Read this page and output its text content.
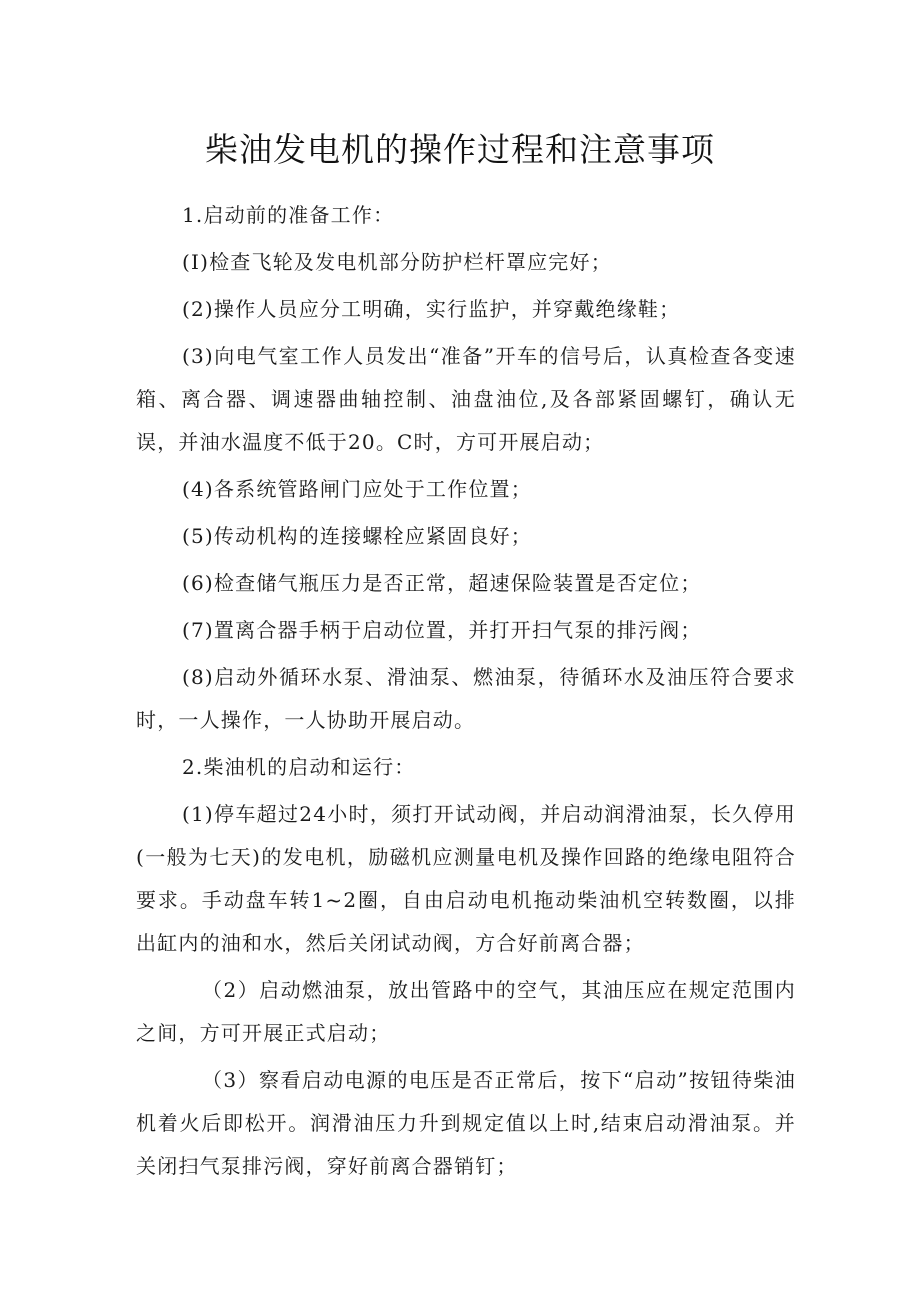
柴油发电机的操作过程和注意事项

1.启动前的准备工作：

(I)检查飞轮及发电机部分防护栏杆罩应完好；

(2)操作人员应分工明确，实行监护，并穿戴绝缘鞋；

(3)向电气室工作人员发出“准备”开车的信号后，认真检查各变速箱、离合器、调速器曲轴控制、油盘油位,及各部紧固螺钉，确认无误，并油水温度不低于20。C时，方可开展启动；

(4)各系统管路闸门应处于工作位置；

(5)传动机构的连接螺栓应紧固良好；

(6)检查储气瓶压力是否正常，超速保险装置是否定位；

(7)置离合器手柄于启动位置，并打开扫气泵的排污阀；

(8)启动外循环水泵、滑油泵、燃油泵，待循环水及油压符合要求时，一人操作，一人协助开展启动。

2.柴油机的启动和运行：

(1)停车超过24小时，须打开试动阀，并启动润滑油泵，长久停用(一般为七天)的发电机，励磁机应测量电机及操作回路的绝缘电阻符合要求。手动盘车转1~2圈，自由启动电机拖动柴油机空转数圈，以排出缸内的油和水，然后关闭试动阀，方合好前离合器；

（2）启动燃油泵，放出管路中的空气，其油压应在规定范围内之间，方可开展正式启动；

（3）察看启动电源的电压是否正常后，按下“启动”按钮待柴油机着火后即松开。润滑油压力升到规定值以上时,结束启动滑油泵。并关闭扫气泵排污阀，穿好前离合器销钉；
